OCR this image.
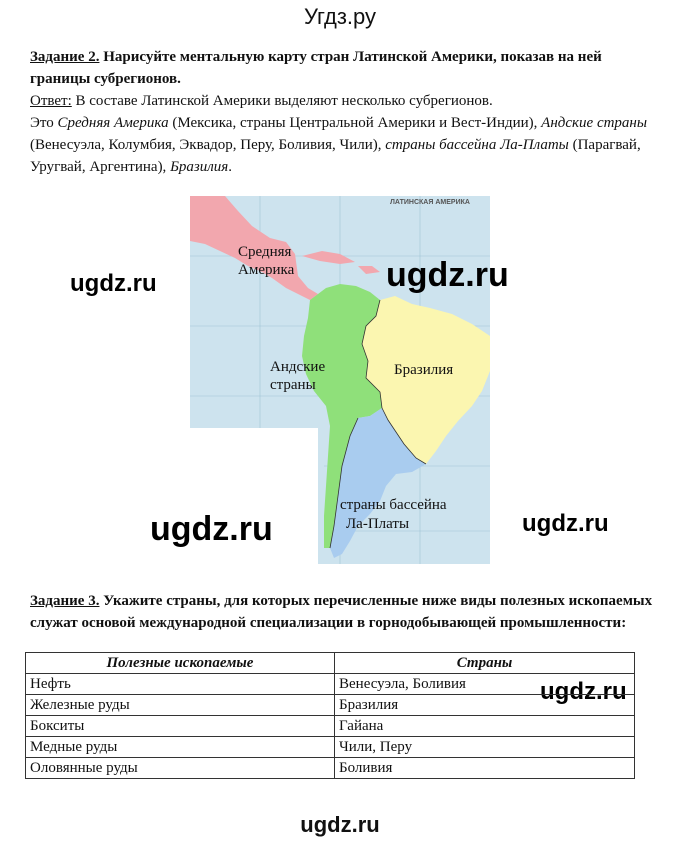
Угдз.ру
Задание 2. Нарисуйте ментальную карту стран Латинской Америки, показав на ней границы субрегионов.
Ответ: В составе Латинской Америки выделяют несколько субрегионов.
Это Средняя Америка (Мексика, страны Центральной Америки и Вест-Индии), Андские страны (Венесуэла, Колумбия, Эквадор, Перу, Боливия, Чили), страны бассейна Ла-Платы (Парагвай, Уругвай, Аргентина), Бразилия.
ЛАТИНСКАЯ АМЕРИКА
Средняя
Америка
Андские
страны
Бразилия
страны бассейна
Ла-Платы
ugdz.ru	ugdz.ru
ugdz.ru	ugdz.ru
ugdz.ru
Задание 3. Укажите страны, для которых перечисленные ниже виды полезных ископаемых служат основой международной специализации в горнодобывающей промышленности:
Полезные ископаемые	Страны
Нефть	Венесуэла, Боливия
Железные руды	Бразилия
Бокситы	Гайана
Медные руды	Чили, Перу
Оловянные руды	Боливия
ugdz.ru
